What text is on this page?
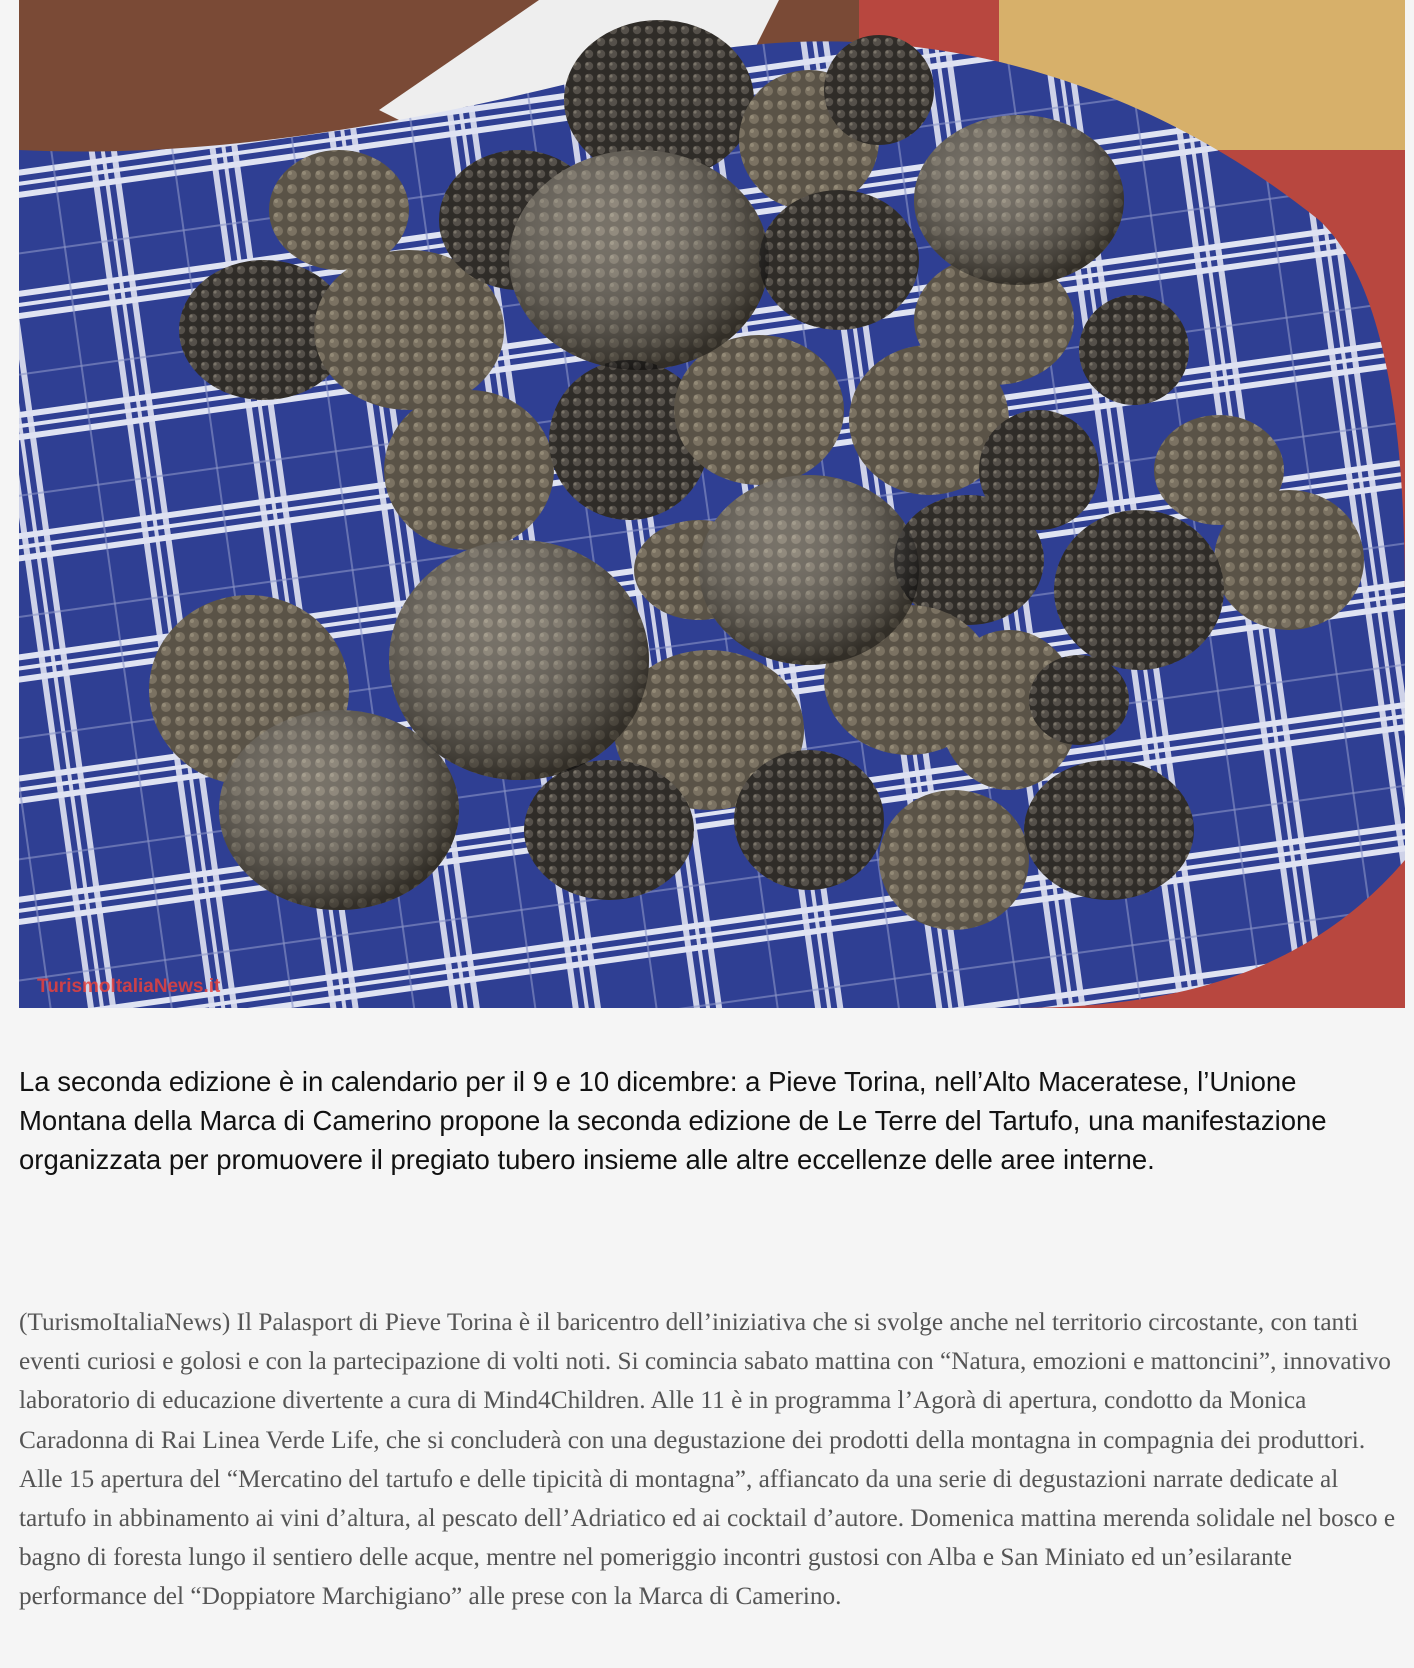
TurismoItaliaNews.it

La seconda edizione è in calendario per il 9 e 10 dicembre: a Pieve Torina, nell’Alto Maceratese, l’Unione Montana della Marca di Camerino propone la seconda edizione de Le Terre del Tartufo, una manifestazione organizzata per promuovere il pregiato tubero insieme alle altre eccellenze delle aree interne.

(TurismoItaliaNews) Il Palasport di Pieve Torina è il baricentro dell’iniziativa che si svolge anche nel territorio circostante, con tanti eventi curiosi e golosi e con la partecipazione di volti noti. Si comincia sabato mattina con “Natura, emozioni e mattoncini”, innovativo laboratorio di educazione divertente a cura di Mind4Children. Alle 11 è in programma l’Agorà di apertura, condotto da Monica Caradonna di Rai Linea Verde Life, che si concluderà con una degustazione dei prodotti della montagna in compagnia dei produttori. Alle 15 apertura del “Mercatino del tartufo e delle tipicità di montagna”, affiancato da una serie di degustazioni narrate dedicate al tartufo in abbinamento ai vini d’altura, al pescato dell’Adriatico ed ai cocktail d’autore. Domenica mattina merenda solidale nel bosco e bagno di foresta lungo il sentiero delle acque, mentre nel pomeriggio incontri gustosi con Alba e San Miniato ed un’esilarante performance del “Doppiatore Marchigiano” alle prese con la Marca di Camerino.
